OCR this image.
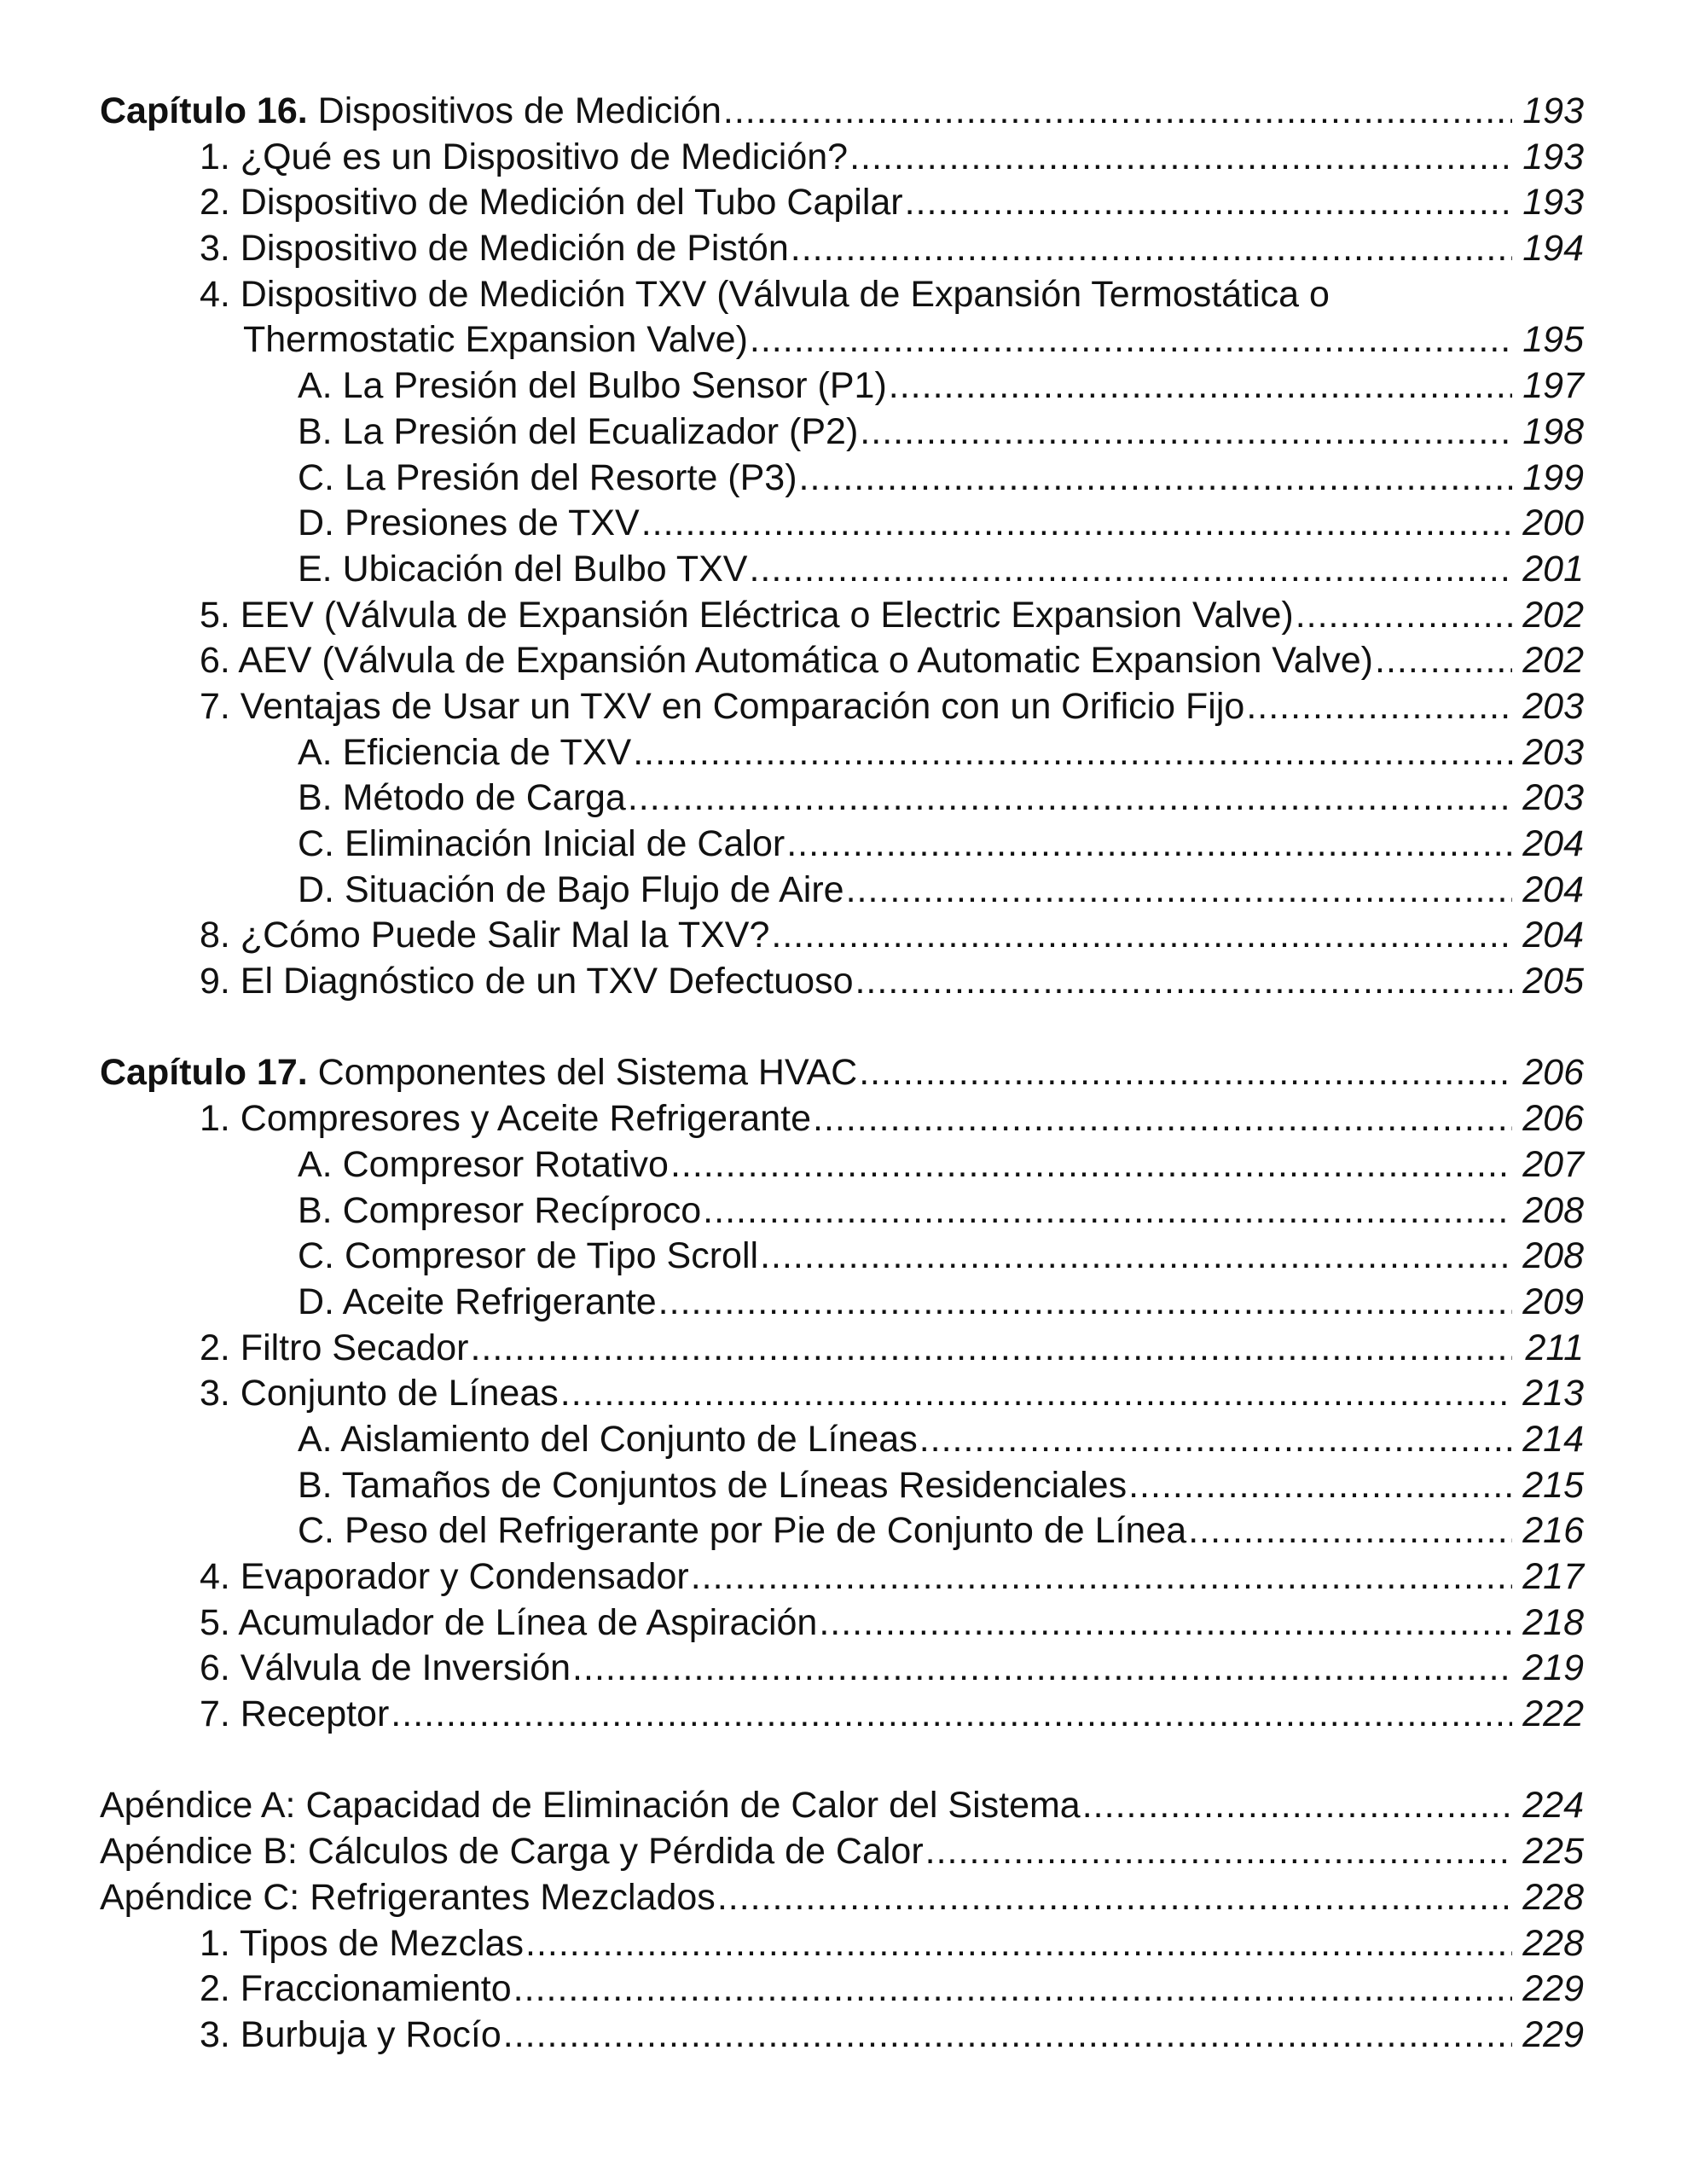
Capítulo 16. Dispositivos de Medición .....	193
1. ¿Qué es un Dispositivo de Medición? .....	193
2. Dispositivo de Medición del Tubo Capilar .....	193
3. Dispositivo de Medición de Pistón .....	194
4. Dispositivo de Medición TXV (Válvula de Expansión Termostática o
Thermostatic Expansion Valve) .....	195
A. La Presión del Bulbo Sensor (P1) .....	197
B. La Presión del Ecualizador (P2) .....	198
C. La Presión del Resorte (P3) .....	199
D. Presiones de TXV .....	200
E. Ubicación del Bulbo TXV .....	201
5. EEV (Válvula de Expansión Eléctrica o Electric Expansion Valve) .....	202
6. AEV (Válvula de Expansión Automática o Automatic Expansion Valve) .....	202
7. Ventajas de Usar un TXV en Comparación con un Orificio Fijo .....	203
A. Eficiencia de TXV .....	203
B. Método de Carga .....	203
C. Eliminación Inicial de Calor .....	204
D. Situación de Bajo Flujo de Aire .....	204
8. ¿Cómo Puede Salir Mal la TXV? .....	204
9. El Diagnóstico de un TXV Defectuoso .....	205
Capítulo 17. Componentes del Sistema HVAC .....	206
1. Compresores y Aceite Refrigerante .....	206
A. Compresor Rotativo .....	207
B. Compresor Recíproco .....	208
C. Compresor de Tipo Scroll .....	208
D. Aceite Refrigerante .....	209
2. Filtro Secador .....	211
3. Conjunto de Líneas .....	213
A. Aislamiento del Conjunto de Líneas .....	214
B. Tamaños de Conjuntos de Líneas Residenciales .....	215
C. Peso del Refrigerante por Pie de Conjunto de Línea .....	216
4. Evaporador y Condensador .....	217
5. Acumulador de Línea de Aspiración .....	218
6. Válvula de Inversión .....	219
7. Receptor .....	222
Apéndice A: Capacidad de Eliminación de Calor del Sistema .....	224
Apéndice B: Cálculos de Carga y Pérdida de Calor .....	225
Apéndice C: Refrigerantes Mezclados .....	228
1. Tipos de Mezclas .....	228
2. Fraccionamiento .....	229
3. Burbuja y Rocío .....	229
